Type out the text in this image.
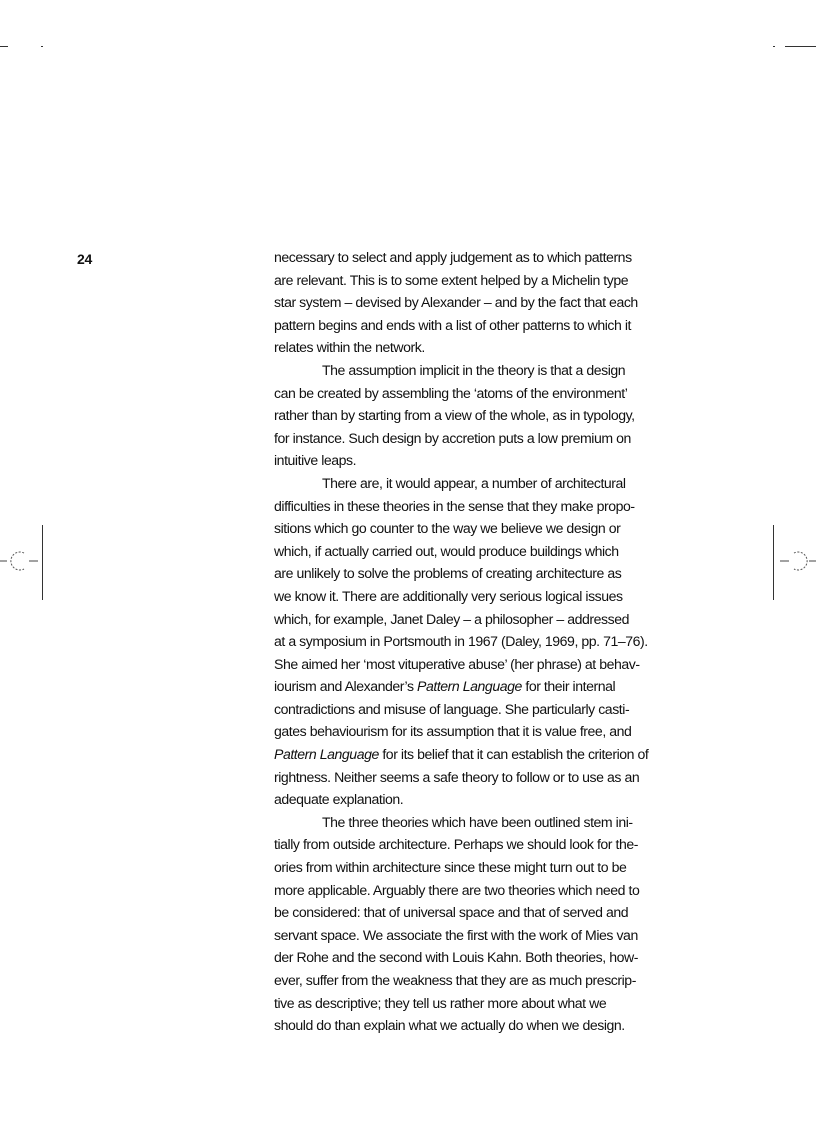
24	necessary to select and apply judgement as to which patterns
are relevant. This is to some extent helped by a Michelin type
star system – devised by Alexander – and by the fact that each
pattern begins and ends with a list of other patterns to which it
relates within the network.
The assumption implicit in the theory is that a design
can be created by assembling the ‘atoms of the environment’
rather than by starting from a view of the whole, as in typology,
for instance. Such design by accretion puts a low premium on
intuitive leaps.
There are, it would appear, a number of architectural
difficulties in these theories in the sense that they make propo-
sitions which go counter to the way we believe we design or
which, if actually carried out, would produce buildings which
are unlikely to solve the problems of creating architecture as
we know it. There are additionally very serious logical issues
which, for example, Janet Daley – a philosopher – addressed
at a symposium in Portsmouth in 1967 (Daley, 1969, pp. 71–76).
She aimed her ‘most vituperative abuse’ (her phrase) at behav-
iourism and Alexander’s Pattern Language for their internal
contradictions and misuse of language. She particularly casti-
gates behaviourism for its assumption that it is value free, and
Pattern Language for its belief that it can establish the criterion of
rightness. Neither seems a safe theory to follow or to use as an
adequate explanation.
The three theories which have been outlined stem ini-
tially from outside architecture. Perhaps we should look for the-
ories from within architecture since these might turn out to be
more applicable. Arguably there are two theories which need to
be considered: that of universal space and that of served and
servant space. We associate the first with the work of Mies van
der Rohe and the second with Louis Kahn. Both theories, how-
ever, suffer from the weakness that they are as much prescrip-
tive as descriptive; they tell us rather more about what we
should do than explain what we actually do when we design.
